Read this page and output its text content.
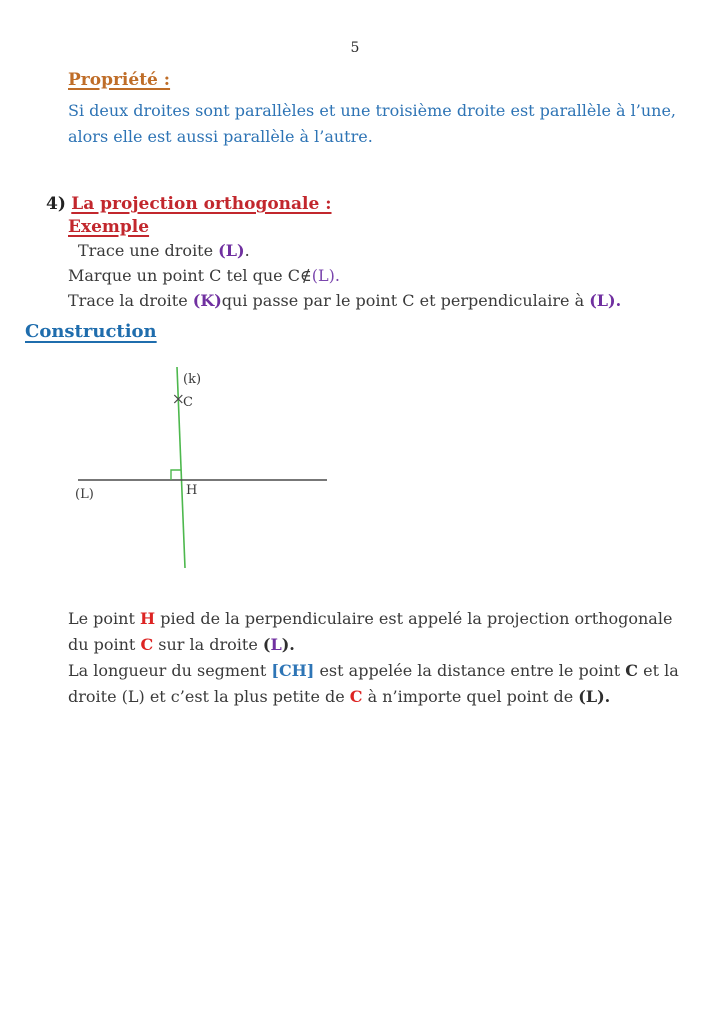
5
Propriété :
Si deux droites sont parallèles et une troisième droite est parallèle à l’une,
alors elle est aussi parallèle à l’autre.
4) La projection orthogonale :
Exemple

Trace une droite (L).

Marque un point C tel que C∉(L).

Trace la droite (K)qui passe par le point C et perpendiculaire à (L).

Construction
(k)
C
(L)	H

Le point H pied de la perpendiculaire est appelé la projection orthogonale

du point C sur la droite (L).

La longueur du segment [CH] est appelée la distance entre le point C et la

droite (L) et c’est la plus petite de C à n’importe quel point de (L).
